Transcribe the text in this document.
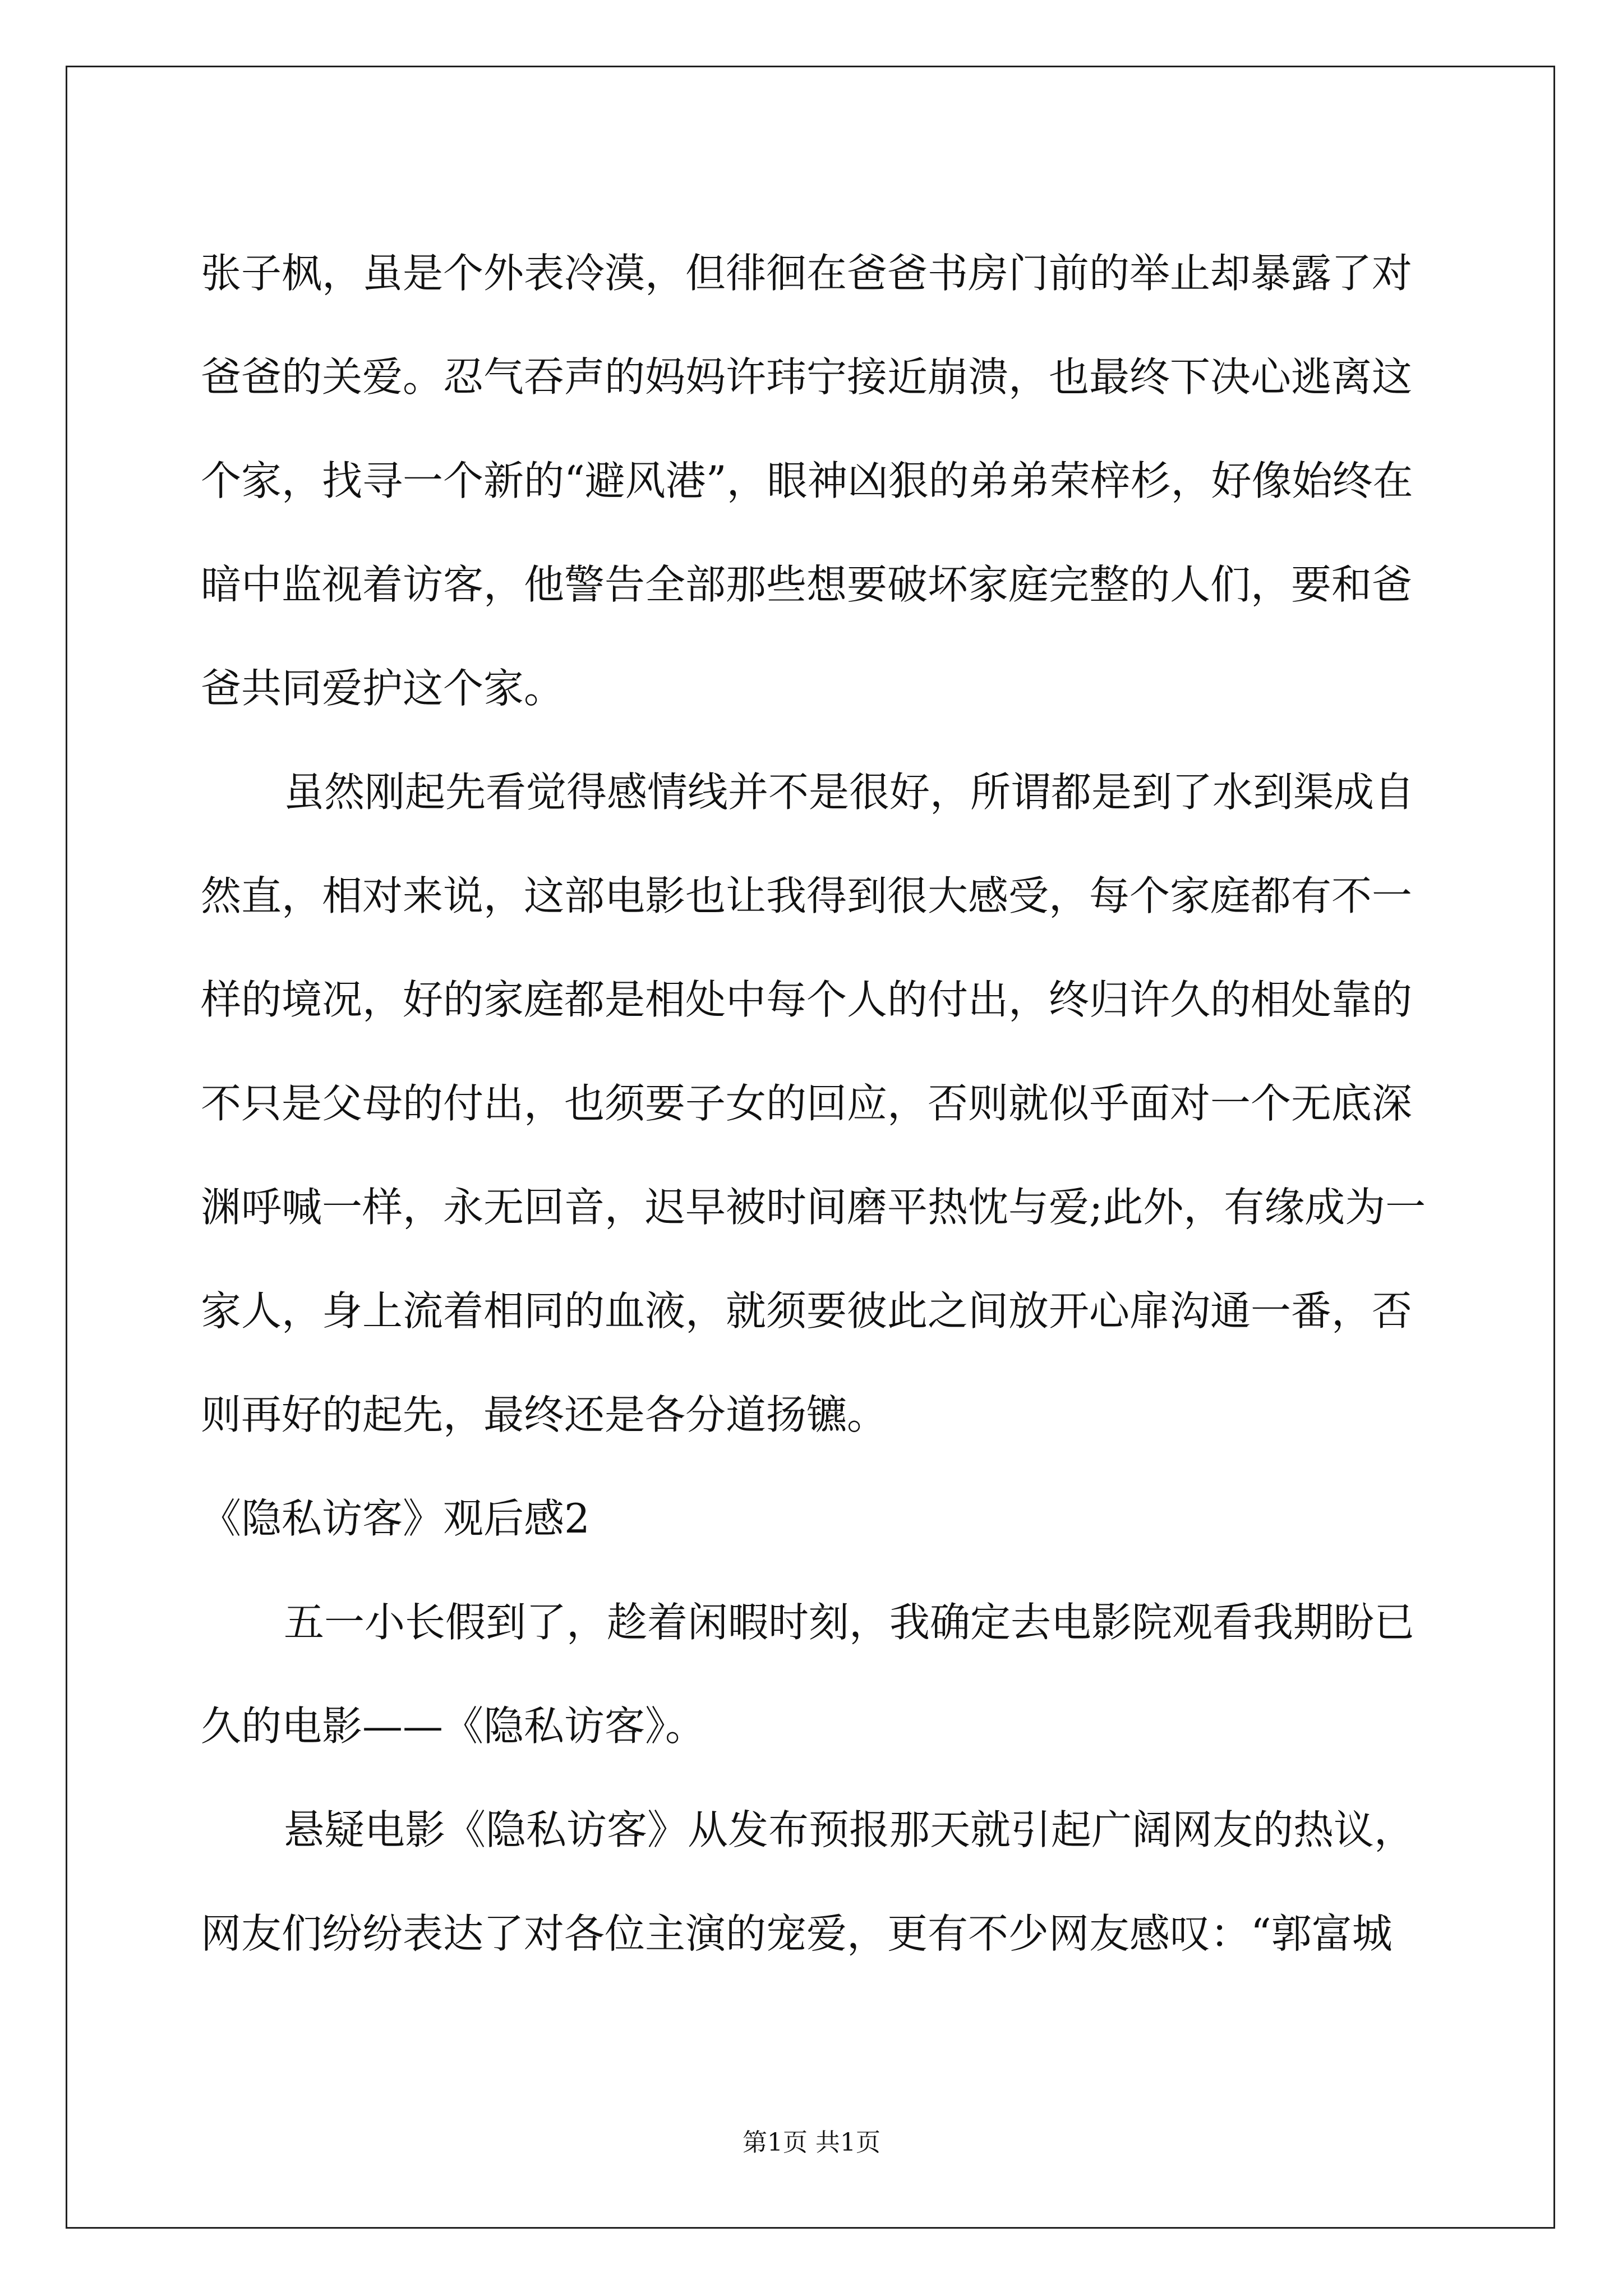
张子枫，虽是个外表冷漠，但徘徊在爸爸书房门前的举止却暴露了对
爸爸的关爱。忍气吞声的妈妈许玮宁接近崩溃，也最终下决心逃离这
个家，找寻一个新的“避风港”，眼神凶狠的弟弟荣梓杉，好像始终在
暗中监视着访客，他警告全部那些想要破坏家庭完整的人们，要和爸
爸共同爱护这个家。
虽然刚起先看觉得感情线并不是很好，所谓都是到了水到渠成自
然直，相对来说，这部电影也让我得到很大感受，每个家庭都有不一
样的境况，好的家庭都是相处中每个人的付出，终归许久的相处靠的
不只是父母的付出，也须要子女的回应，否则就似乎面对一个无底深
渊呼喊一样，永无回音，迟早被时间磨平热忱与爱;此外，有缘成为一
家人，身上流着相同的血液，就须要彼此之间放开心扉沟通一番，否
则再好的起先，最终还是各分道扬镳。
《隐私访客》观后感2
五一小长假到了，趁着闲暇时刻，我确定去电影院观看我期盼已
久的电影——《隐私访客》。
悬疑电影《隐私访客》从发布预报那天就引起广阔网友的热议，
网友们纷纷表达了对各位主演的宠爱，更有不少网友感叹：“郭富城
第1页 共1页
